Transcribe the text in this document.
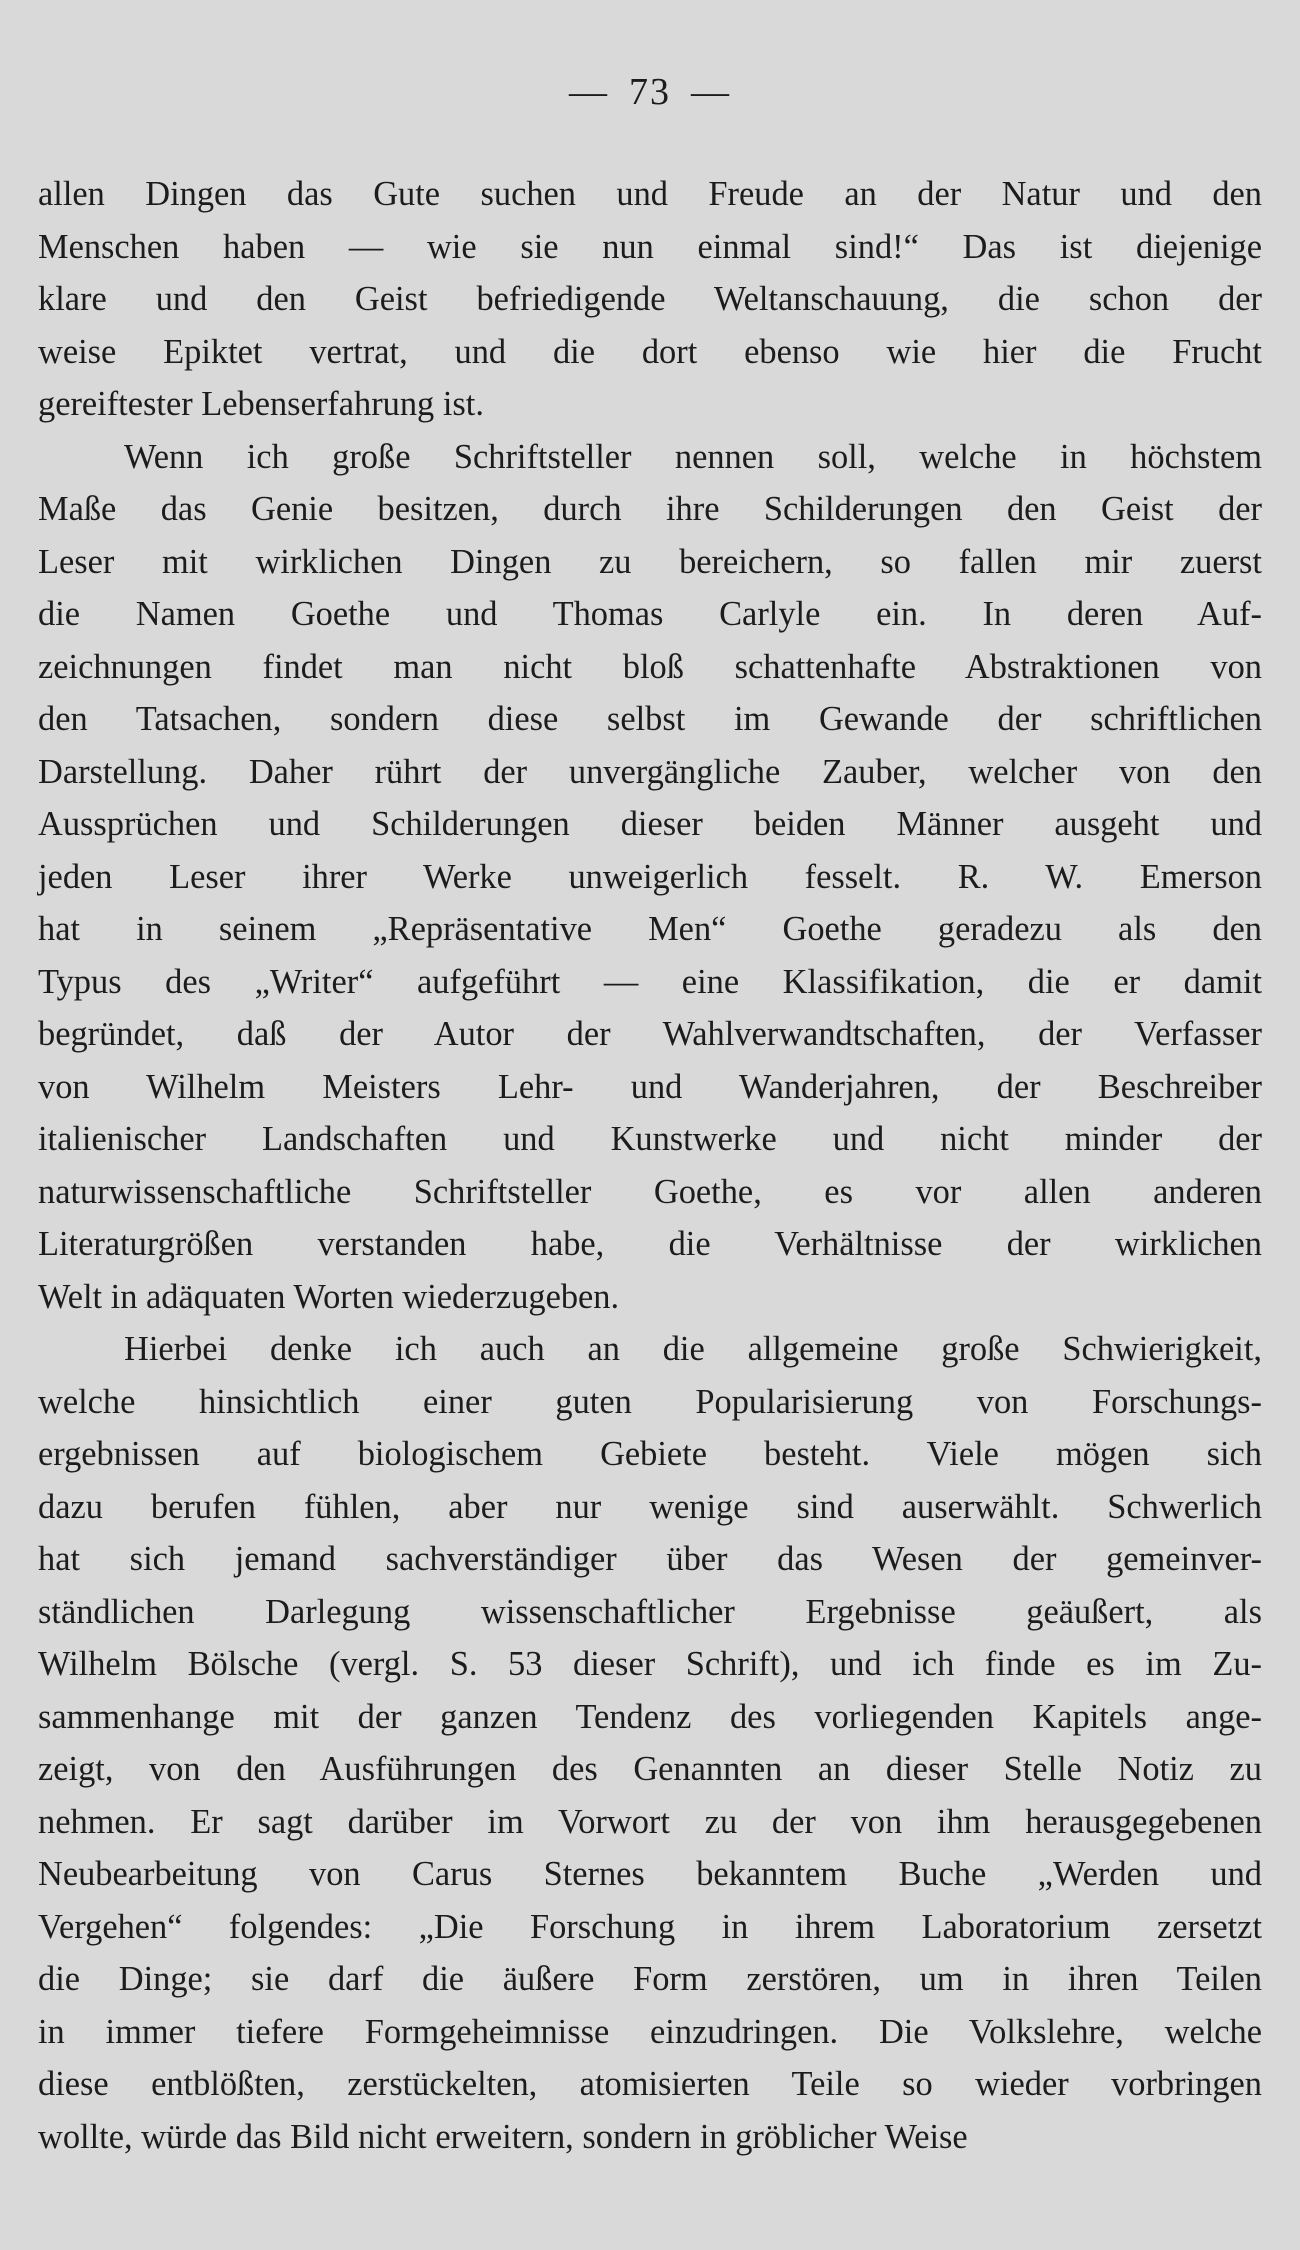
— 73 —

allen Dingen das Gute suchen und Freude an der Natur und den
Menschen haben — wie sie nun einmal sind!“ Das ist diejenige
klare und den Geist befriedigende Weltanschauung, die schon der
weise Epiktet vertrat, und die dort ebenso wie hier die Frucht
gereiftester Lebenserfahrung ist.

Wenn ich große Schriftsteller nennen soll, welche in höchstem
Maße das Genie besitzen, durch ihre Schilderungen den Geist der
Leser mit wirklichen Dingen zu bereichern, so fallen mir zuerst
die Namen Goethe und Thomas Carlyle ein. In deren Auf-
zeichnungen findet man nicht bloß schattenhafte Abstraktionen von
den Tatsachen, sondern diese selbst im Gewande der schriftlichen
Darstellung. Daher rührt der unvergängliche Zauber, welcher von den
Aussprüchen und Schilderungen dieser beiden Männer ausgeht und
jeden Leser ihrer Werke unweigerlich fesselt. R. W. Emerson
hat in seinem „Repräsentative Men“ Goethe geradezu als den
Typus des „Writer“ aufgeführt — eine Klassifikation, die er damit
begründet, daß der Autor der Wahlverwandtschaften, der Verfasser
von Wilhelm Meisters Lehr- und Wanderjahren, der Beschreiber
italienischer Landschaften und Kunstwerke und nicht minder der
naturwissenschaftliche Schriftsteller Goethe, es vor allen anderen
Literaturgrößen verstanden habe, die Verhältnisse der wirklichen
Welt in adäquaten Worten wiederzugeben.

Hierbei denke ich auch an die allgemeine große Schwierigkeit,
welche hinsichtlich einer guten Popularisierung von Forschungs-
ergebnissen auf biologischem Gebiete besteht. Viele mögen sich
dazu berufen fühlen, aber nur wenige sind auserwählt. Schwerlich
hat sich jemand sachverständiger über das Wesen der gemeinver-
ständlichen Darlegung wissenschaftlicher Ergebnisse geäußert, als
Wilhelm Bölsche (vergl. S. 53 dieser Schrift), und ich finde es im Zu-
sammenhange mit der ganzen Tendenz des vorliegenden Kapitels ange-
zeigt, von den Ausführungen des Genannten an dieser Stelle Notiz zu
nehmen. Er sagt darüber im Vorwort zu der von ihm herausgegebenen
Neubearbeitung von Carus Sternes bekanntem Buche „Werden und
Vergehen“ folgendes: „Die Forschung in ihrem Laboratorium zersetzt
die Dinge; sie darf die äußere Form zerstören, um in ihren Teilen
in immer tiefere Formgeheimnisse einzudringen. Die Volkslehre, welche
diese entblößten, zerstückelten, atomisierten Teile so wieder vorbringen
wollte, würde das Bild nicht erweitern, sondern in gröblicher Weise
